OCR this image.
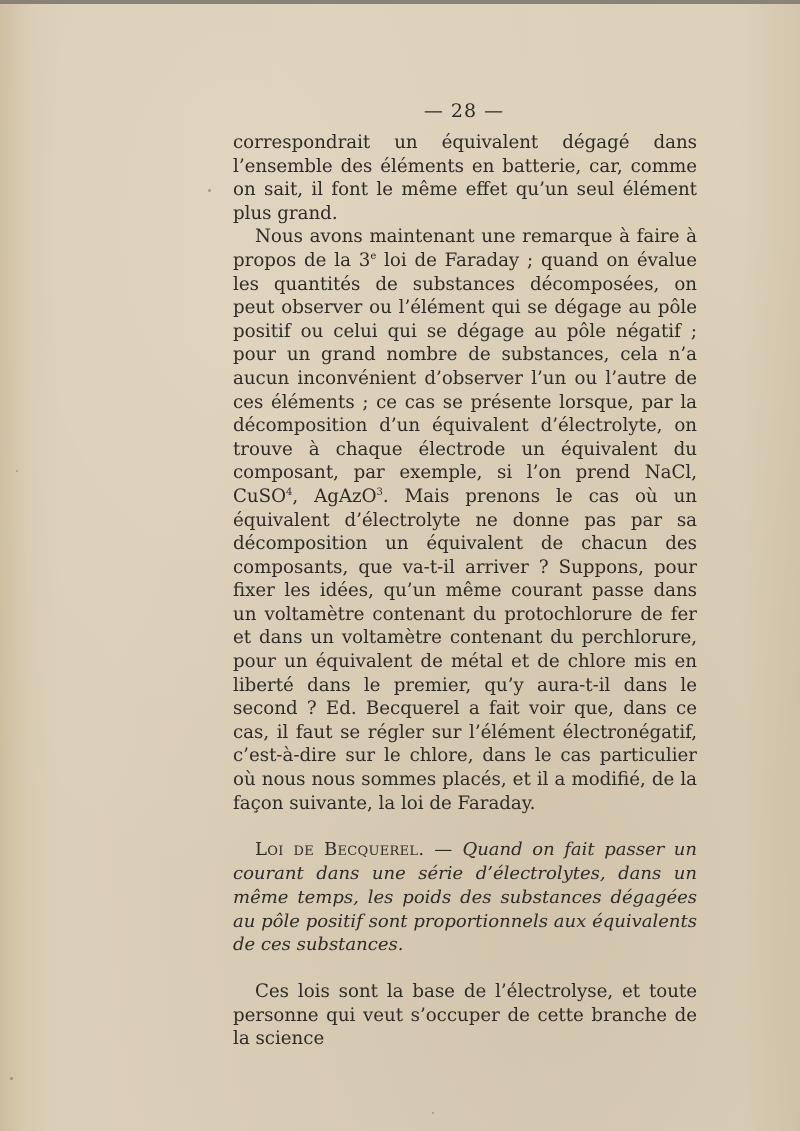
— 28 —

correspondrait un équivalent dégagé dans l’ensemble des éléments en batterie, car, comme on sait, il font le même effet qu’un seul élément plus grand.

Nous avons maintenant une remarque à faire à propos de la 3e loi de Faraday ; quand on évalue les quantités de substances décomposées, on peut observer ou l’élément qui se dégage au pôle positif ou celui qui se dégage au pôle négatif ; pour un grand nombre de substances, cela n’a aucun inconvénient d’observer l’un ou l’autre de ces éléments ; ce cas se présente lorsque, par la décomposition d’un équivalent d’électrolyte, on trouve à chaque électrode un équivalent du composant, par exemple, si l’on prend NaCl, CuSO$^4$, AgAzO$^3$. Mais prenons le cas où un équivalent d’électrolyte ne donne pas par sa décomposition un équivalent de chacun des composants, que va-t-il arriver ? Suppons, pour fixer les idées, qu’un même courant passe dans un voltamètre contenant du protochlorure de fer et dans un voltamètre contenant du perchlorure, pour un équivalent de métal et de chlore mis en liberté dans le premier, qu’y aura-t-il dans le second ? Ed. Becquerel a fait voir que, dans ce cas, il faut se régler sur l’élément électronégatif, c’est-à-dire sur le chlore, dans le cas particulier où nous nous sommes placés, et il a modifié, de la façon suivante, la loi de Faraday.

Loi de Becquerel. — Quand on fait passer un courant dans une série d’électrolytes, dans un même temps, les poids des substances dégagées au pôle positif sont proportionnels aux équivalents de ces substances.

Ces lois sont la base de l’électrolyse, et toute personne qui veut s’occuper de cette branche de la science
